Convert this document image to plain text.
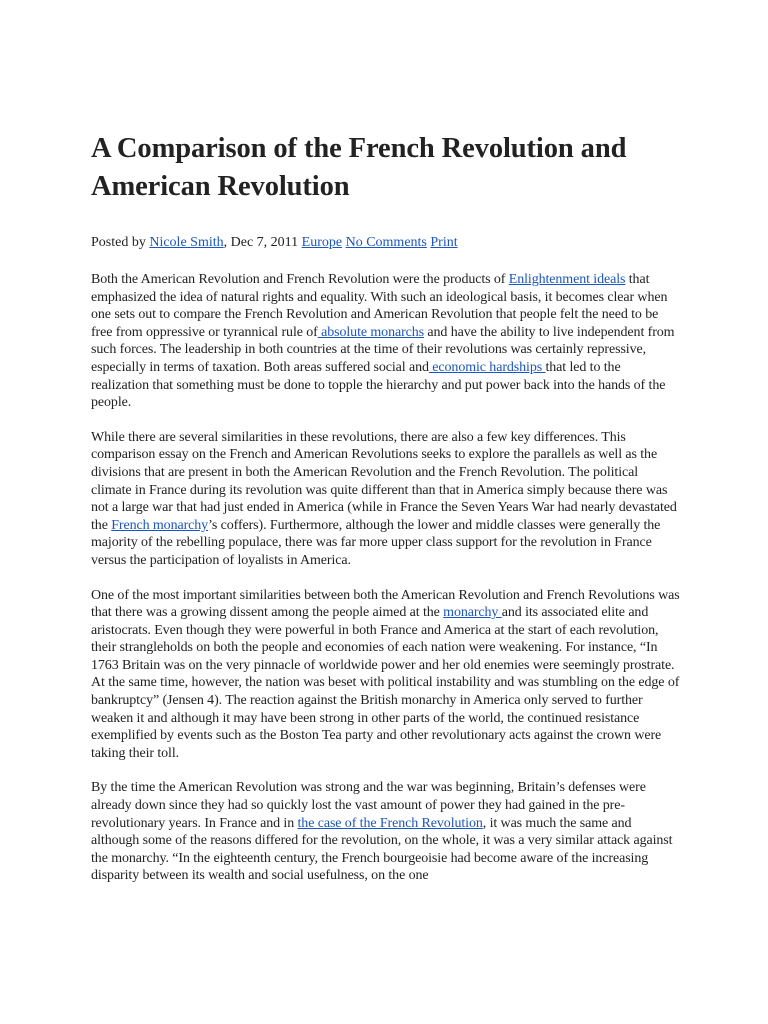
A Comparison of the French Revolution and American Revolution
Posted by Nicole Smith, Dec 7, 2011 Europe No Comments Print

Both the American Revolution and French Revolution were the products of Enlightenment ideals that emphasized the idea of natural rights and equality. With such an ideological basis, it becomes clear when one sets out to compare the French Revolution and American Revolution that people felt the need to be free from oppressive or tyrannical rule of absolute monarchs and have the ability to live independent from such forces. The leadership in both countries at the time of their revolutions was certainly repressive, especially in terms of taxation. Both areas suffered social and economic hardships that led to the realization that something must be done to topple the hierarchy and put power back into the hands of the people.

While there are several similarities in these revolutions, there are also a few key differences. This comparison essay on the French and American Revolutions seeks to explore the parallels as well as the divisions that are present in both the American Revolution and the French Revolution. The political climate in France during its revolution was quite different than that in America simply because there was not a large war that had just ended in America (while in France the Seven Years War had nearly devastated the French monarchy’s coffers). Furthermore, although the lower and middle classes were generally the majority of the rebelling populace, there was far more upper class support for the revolution in France versus the participation of loyalists in America.

One of the most important similarities between both the American Revolution and French Revolutions was that there was a growing dissent among the people aimed at the monarchy and its associated elite and aristocrats. Even though they were powerful in both France and America at the start of each revolution, their strangleholds on both the people and economies of each nation were weakening. For instance, “In 1763 Britain was on the very pinnacle of worldwide power and her old enemies were seemingly prostrate. At the same time, however, the nation was beset with political instability and was stumbling on the edge of bankruptcy” (Jensen 4). The reaction against the British monarchy in America only served to further weaken it and although it may have been strong in other parts of the world, the continued resistance exemplified by events such as the Boston Tea party and other revolutionary acts against the crown were taking their toll.

By the time the American Revolution was strong and the war was beginning, Britain’s defenses were already down since they had so quickly lost the vast amount of power they had gained in the pre-revolutionary years. In France and in the case of the French Revolution, it was much the same and although some of the reasons differed for the revolution, on the whole, it was a very similar attack against the monarchy. “In the eighteenth century, the French bourgeoisie had become aware of the increasing disparity between its wealth and social usefulness, on the one
